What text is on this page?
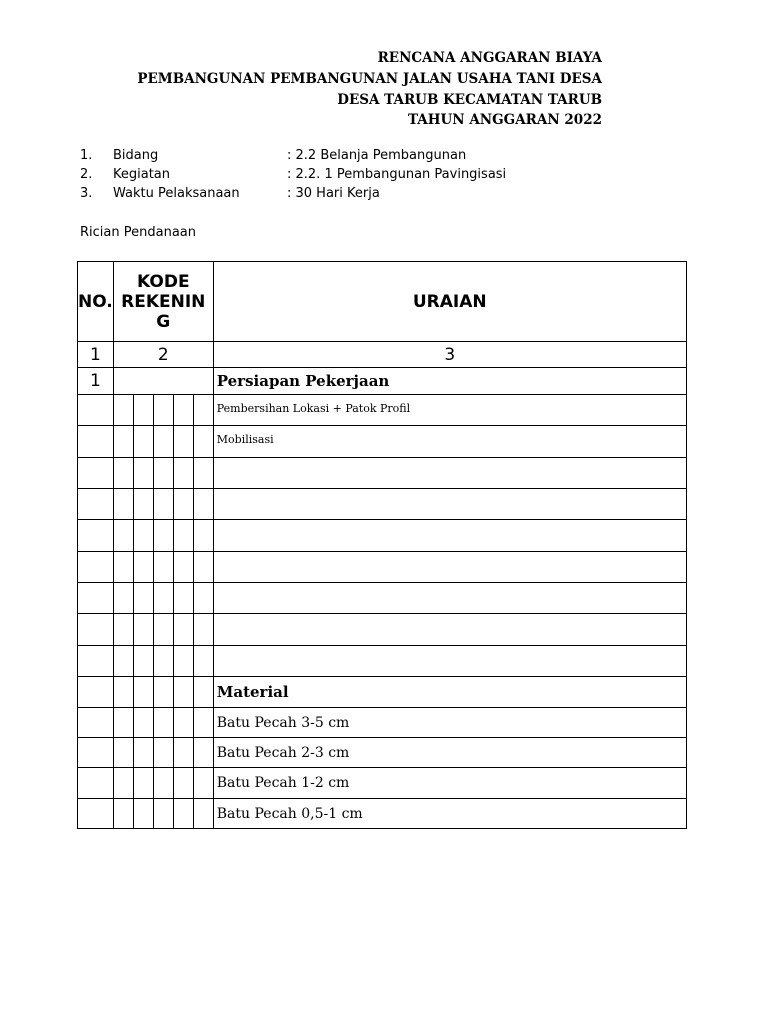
RENCANA ANGGARAN BIAYA
PEMBANGUNAN PEMBANGUNAN JALAN USAHA TANI DESA
DESA TARUB KECAMATAN TARUB
TAHUN ANGGARAN 2022
1. Bidang	: 2.2 Belanja Pembangunan
2. Kegiatan	: 2.2. 1 Pembangunan Pavingisasi
3. Waktu Pelaksanaan	: 30 Hari Kerja
Rician Pendanaan
NO.	KODE REKENIN G					URAIAN
1	2					3
1						Persiapan Pekerjaan
						Pembersihan Lokasi + Patok Profil
						Mobilisasi

						Material
						Batu Pecah 3-5 cm
						Batu Pecah 2-3 cm
						Batu Pecah 1-2 cm
						Batu Pecah 0,5-1 cm
